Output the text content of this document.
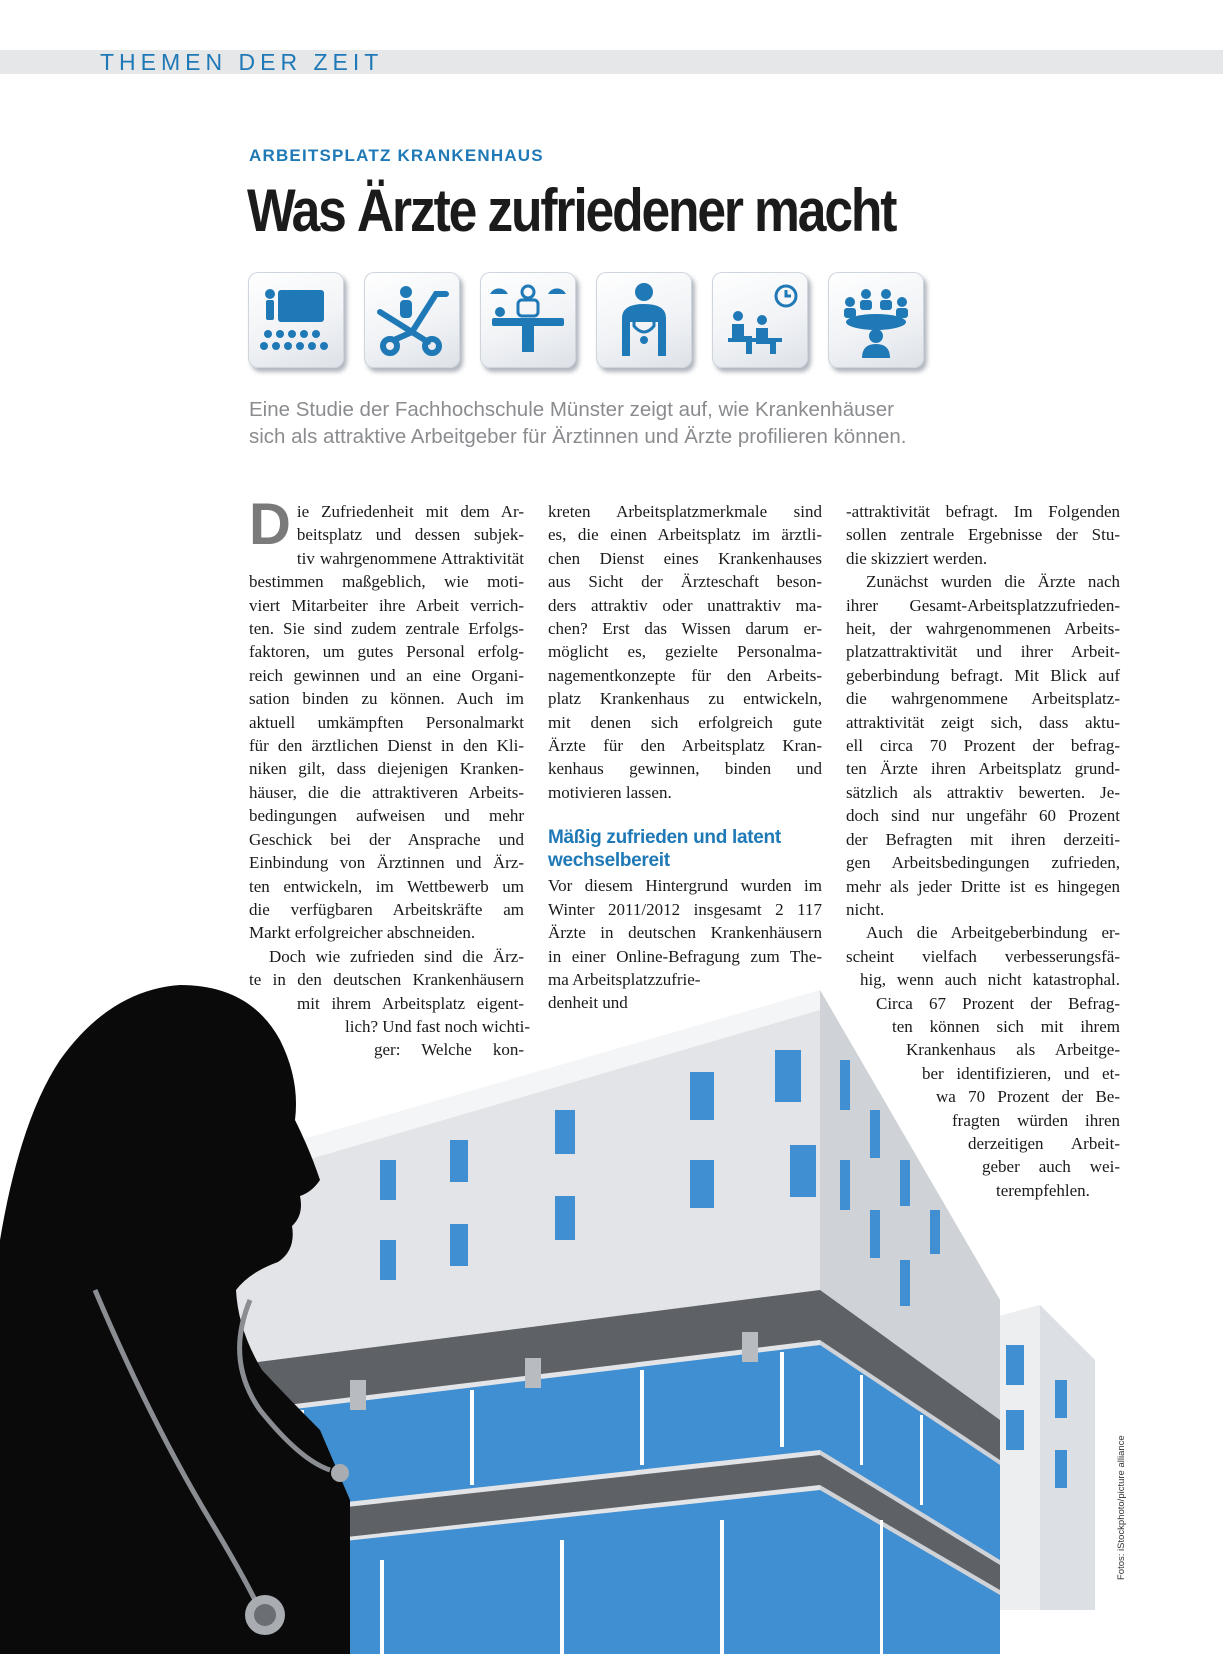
THEMEN DER ZEIT
ARBEITSPLATZ KRANKENHAUS
Was Ärzte zufriedener macht

Eine Studie der Fachhochschule Münster zeigt auf, wie Krankenhäuser
sich als attraktive Arbeitgeber für Ärztinnen und Ärzte profilieren können.

D ie Zufriedenheit mit dem Ar-
beitsplatz und dessen subjek-
tiv wahrgenommene Attraktivität
bestimmen maßgeblich, wie moti-
viert Mitarbeiter ihre Arbeit verrich-
ten. Sie sind zudem zentrale Erfolgs-
faktoren, um gutes Personal erfolg-
reich gewinnen und an eine Organi-
sation binden zu können. Auch im
aktuell umkämpften Personalmarkt
für den ärztlichen Dienst in den Kli-
niken gilt, dass diejenigen Kranken-
häuser, die die attraktiveren Arbeits-
bedingungen aufweisen und mehr
Geschick bei der Ansprache und
Einbindung von Ärztinnen und Ärz-
ten entwickeln, im Wettbewerb um
die verfügbaren Arbeitskräfte am
Markt erfolgreicher abschneiden.
Doch wie zufrieden sind die Ärz-
te in den deutschen Krankenhäusern
mit ihrem Arbeitsplatz eigent-
lich? Und fast noch wichti-
ger: Welche kon-
kreten Arbeitsplatzmerkmale sind
es, die einen Arbeitsplatz im ärztli-
chen Dienst eines Krankenhauses
aus Sicht der Ärzteschaft beson-
ders attraktiv oder unattraktiv ma-
chen? Erst das Wissen darum er-
möglicht es, gezielte Personalma-
nagementkonzepte für den Arbeits-
platz Krankenhaus zu entwickeln,
mit denen sich erfolgreich gute
Ärzte für den Arbeitsplatz Kran-
kenhaus gewinnen, binden und
motivieren lassen.
Mäßig zufrieden und latent
wechselbereit
Vor diesem Hintergrund wurden im
Winter 2011/2012 insgesamt 2 117
Ärzte in deutschen Krankenhäusern
in einer Online-Befragung zum The-
ma Arbeitsplatzzufrie-
denheit und
-attraktivität befragt. Im Folgenden
sollen zentrale Ergebnisse der Stu-
die skizziert werden.
Zunächst wurden die Ärzte nach
ihrer Gesamt-Arbeitsplatzzufrieden-
heit, der wahrgenommenen Arbeits-
platzattraktivität und ihrer Arbeit-
geberbindung befragt. Mit Blick auf
die wahrgenommene Arbeitsplatz-
attraktivität zeigt sich, dass aktu-
ell circa 70 Prozent der befrag-
ten Ärzte ihren Arbeitsplatz grund-
sätzlich als attraktiv bewerten. Je-
doch sind nur ungefähr 60 Prozent
der Befragten mit ihren derzeiti-
gen Arbeitsbedingungen zufrieden,
mehr als jeder Dritte ist es hingegen
nicht.
Auch die Arbeitgeberbindung er-
scheint vielfach verbesserungsfä-
hig, wenn auch nicht katastrophal.
Circa 67 Prozent der Befrag-
ten können sich mit ihrem
Krankenhaus als Arbeitge-
ber identifizieren, und et-
wa 70 Prozent der Be-
fragten würden ihren
derzeitigen Arbeit-
geber auch wei-
terempfehlen.
Fotos: iStockphoto/picture alliance
